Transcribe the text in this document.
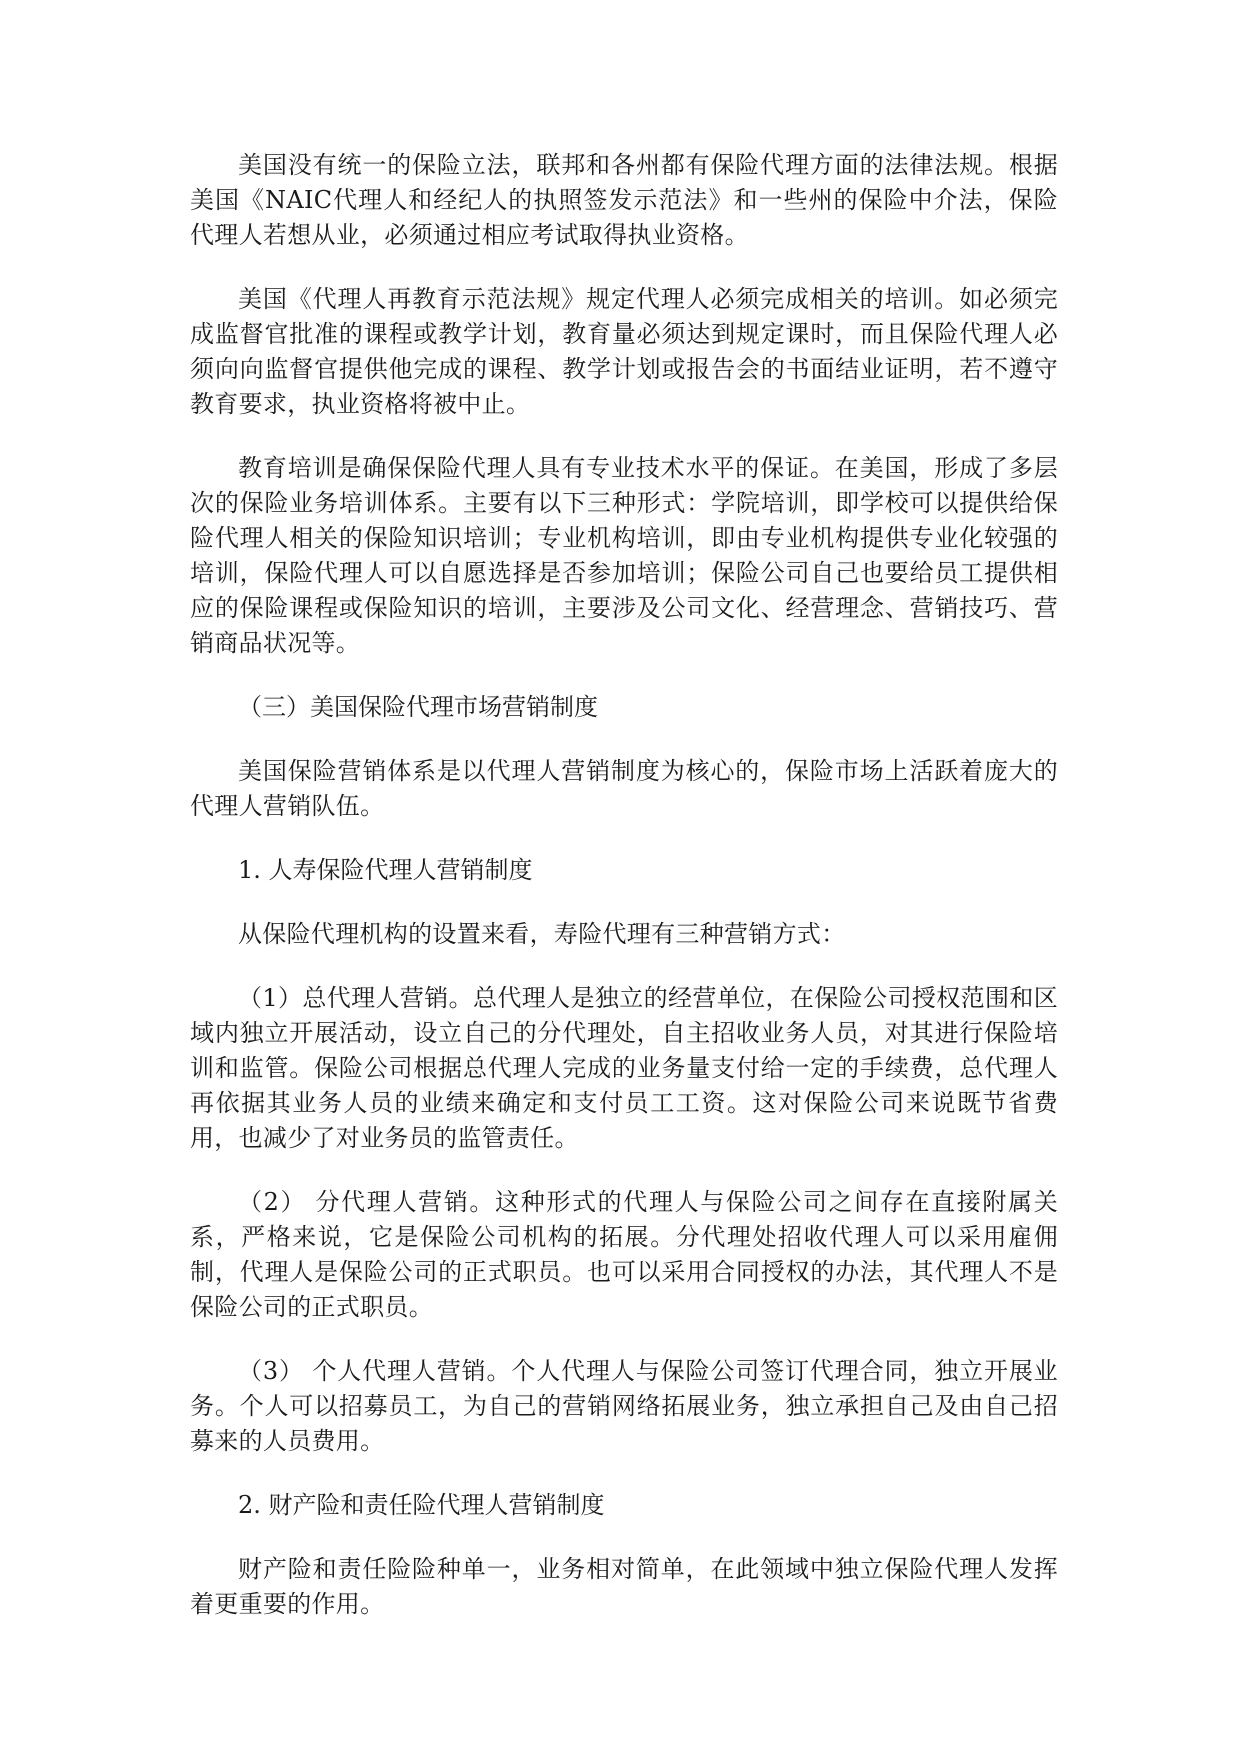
美国没有统一的保险立法，联邦和各州都有保险代理方面的法律法规。根据美国《NAIC代理人和经纪人的执照签发示范法》和一些州的保险中介法，保险代理人若想从业，必须通过相应考试取得执业资格。

美国《代理人再教育示范法规》规定代理人必须完成相关的培训。如必须完成监督官批准的课程或教学计划，教育量必须达到规定课时，而且保险代理人必须向向监督官提供他完成的课程、教学计划或报告会的书面结业证明，若不遵守教育要求，执业资格将被中止。

教育培训是确保保险代理人具有专业技术水平的保证。在美国，形成了多层次的保险业务培训体系。主要有以下三种形式：学院培训，即学校可以提供给保险代理人相关的保险知识培训；专业机构培训，即由专业机构提供专业化较强的培训，保险代理人可以自愿选择是否参加培训；保险公司自己也要给员工提供相应的保险课程或保险知识的培训，主要涉及公司文化、经营理念、营销技巧、营销商品状况等。

（三）美国保险代理市场营销制度

美国保险营销体系是以代理人营销制度为核心的，保险市场上活跃着庞大的代理人营销队伍。

1. 人寿保险代理人营销制度

从保险代理机构的设置来看，寿险代理有三种营销方式：

（1）总代理人营销。总代理人是独立的经营单位，在保险公司授权范围和区域内独立开展活动，设立自己的分代理处，自主招收业务人员，对其进行保险培训和监管。保险公司根据总代理人完成的业务量支付给一定的手续费，总代理人再依据其业务人员的业绩来确定和支付员工工资。这对保险公司来说既节省费用，也减少了对业务员的监管责任。

（2） 分代理人营销。这种形式的代理人与保险公司之间存在直接附属关系，严格来说，它是保险公司机构的拓展。分代理处招收代理人可以采用雇佣制，代理人是保险公司的正式职员。也可以采用合同授权的办法，其代理人不是保险公司的正式职员。

（3） 个人代理人营销。个人代理人与保险公司签订代理合同，独立开展业务。个人可以招募员工，为自己的营销网络拓展业务，独立承担自己及由自己招募来的人员费用。

2. 财产险和责任险代理人营销制度

财产险和责任险险种单一，业务相对简单，在此领域中独立保险代理人发挥着更重要的作用。
